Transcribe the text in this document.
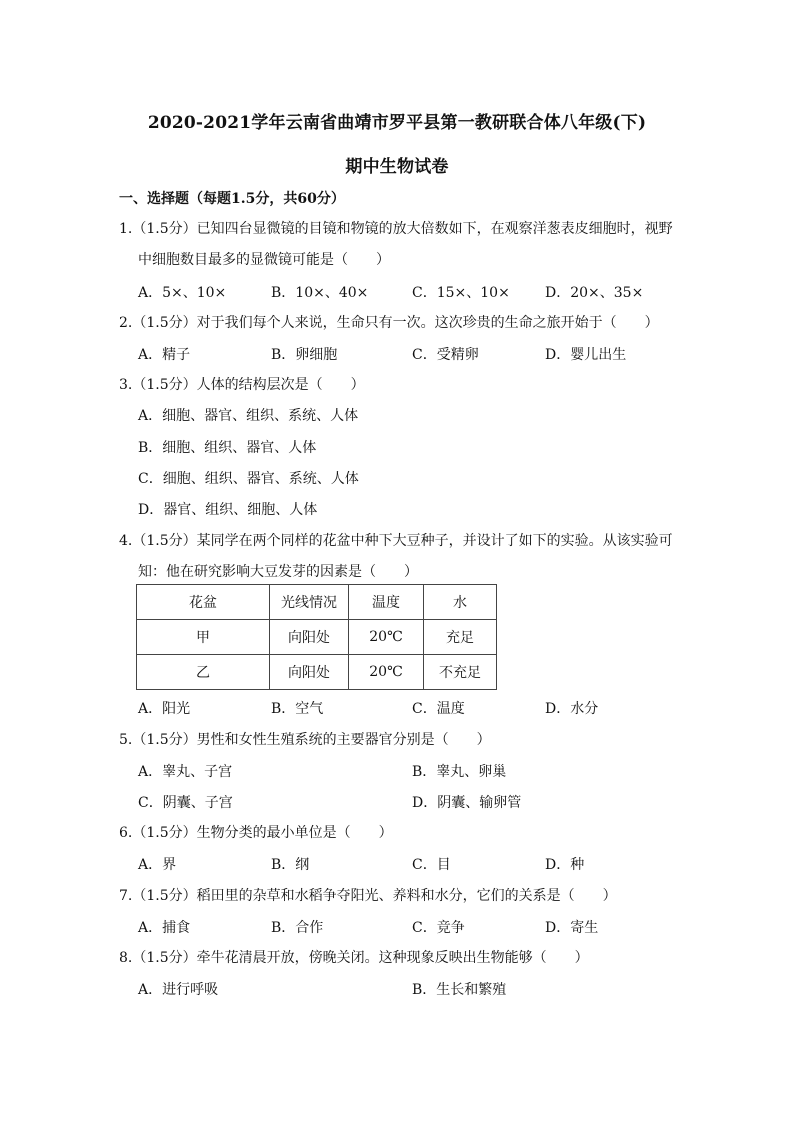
2020-2021学年云南省曲靖市罗平县第一教研联合体八年级(下)
期中生物试卷
一、选择题（每题1.5分，共60分）
1.（1.5分）已知四台显微镜的目镜和物镜的放大倍数如下，在观察洋葱表皮细胞时，视野
中细胞数目最多的显微镜可能是（　　）
A．5×、10×	B．10×、40×	C．15×、10×	D．20×、35×
2.（1.5分）对于我们每个人来说，生命只有一次。这次珍贵的生命之旅开始于（　　）
A．精子	B．卵细胞	C．受精卵	D．婴儿出生
3.（1.5分）人体的结构层次是（　　）
A．细胞、器官、组织、系统、人体
B．细胞、组织、器官、人体
C．细胞、组织、器官、系统、人体
D．器官、组织、细胞、人体
4.（1.5分）某同学在两个同样的花盆中种下大豆种子，并设计了如下的实验。从该实验可
知：他在研究影响大豆发芽的因素是（　　）
花盆	光线情况	温度	水
甲	向阳处	20℃	充足
乙	向阳处	20℃	不充足
A．阳光	B．空气	C．温度	D．水分
5.（1.5分）男性和女性生殖系统的主要器官分别是（　　）
A．睾丸、子宫	B．睾丸、卵巢
C．阴囊、子宫	D．阴囊、输卵管
6.（1.5分）生物分类的最小单位是（　　）
A．界	B．纲	C．目	D．种
7.（1.5分）稻田里的杂草和水稻争夺阳光、养料和水分，它们的关系是（　　）
A．捕食	B．合作	C．竞争	D．寄生
8.（1.5分）牵牛花清晨开放，傍晚关闭。这种现象反映出生物能够（　　）
A．进行呼吸	B．生长和繁殖
